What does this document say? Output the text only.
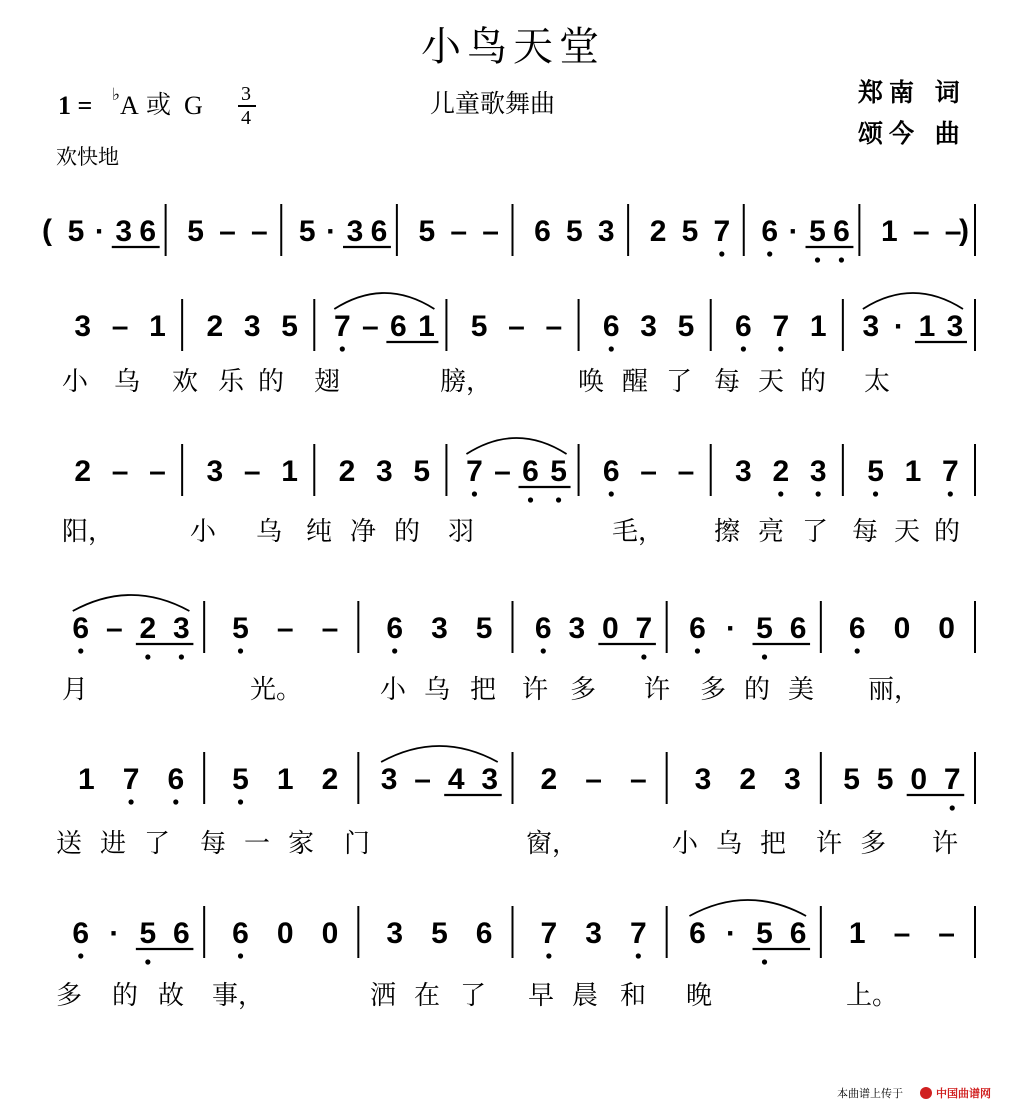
小鸟天堂
1 = ♭ A 或 G 3
4	儿童歌舞曲
欢快地
郑南 词
颂今 曲
( 5 · 3 6 5 – – 5 · 3 6 5 – – 6 5 3 2 5 7 6 · 5 6 1 – –
)
3 – 1 2 3 5 7 – 6 1 5 – – 6 3 5 6 7 1 3 · 1 3
小 乌 欢 乐 的 翅	膀，	唤 醒 了 每 天 的 太
2 – – 3 – 1 2 3 5 7 – 6 5 6 – – 3 2 3 5 1 7
阳，	小 乌 纯 净 的 羽	毛， 擦 亮 了 每 天 的
6 – 2 3 5 – – 6 3 5 6 3 0 7 6 · 5 6 6 0 0
月	光。	小 乌 把 许 多 许 多 的 美 丽，
1 7 6 5 1 2 3 – 4 3 2 – – 3 2 3 5 5 0 7
送 进 了 每 一 家 门	窗，	小 乌 把 许 多 许
6 · 5 6 6 0 0 3 5 6 7 3 7 6 · 5 6 1 – –
多 的 故 事，	洒 在 了 早 晨 和 晚	上。
本曲谱上传于	中国曲谱网
